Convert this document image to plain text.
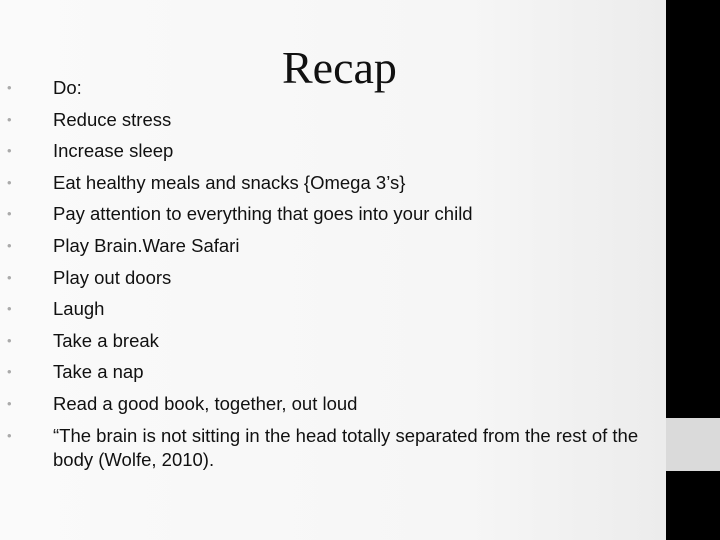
Recap
• Do:
• Reduce stress
• Increase sleep
• Eat healthy meals and snacks {Omega 3’s}
• Pay attention to everything that goes into your child
• Play Brain.Ware Safari
• Play out doors
• Laugh
• Take a break
• Take a nap
• Read a good book, together, out loud
• “The brain is not sitting in the head totally separated from the rest of the body (Wolfe, 2010).
